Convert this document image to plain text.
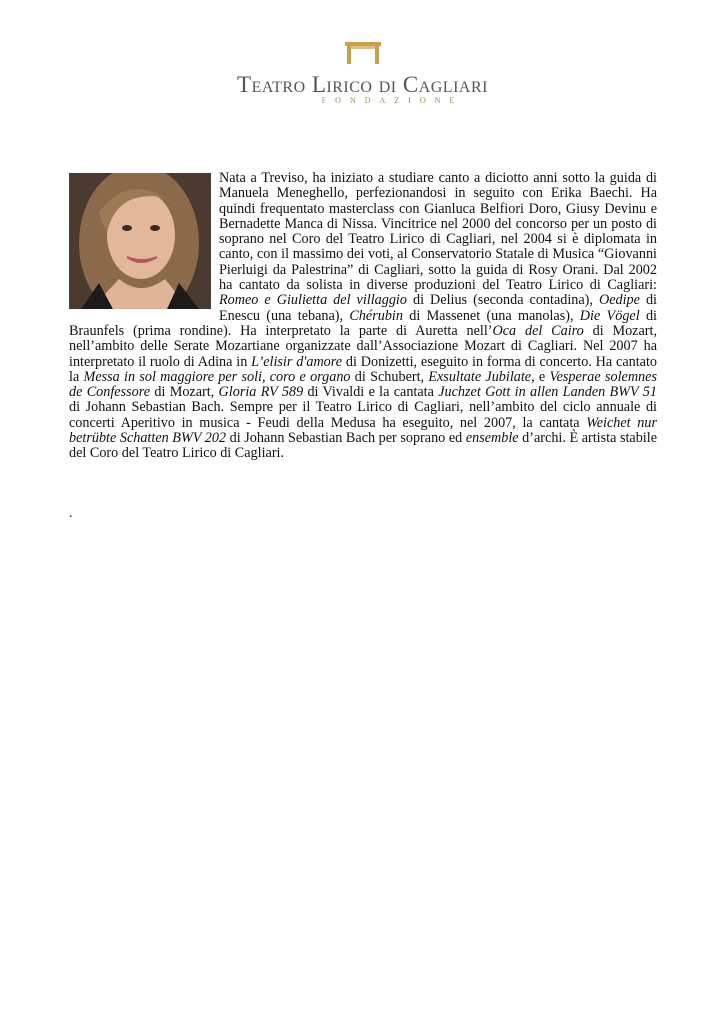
Teatro Lirico di Cagliari
FONDAZIONE
Nata a Treviso, ha iniziato a studiare canto a diciotto anni sotto la guida di Manuela Meneghello, perfezionandosi in seguito con Erika Baechi. Ha quindi frequentato masterclass con Gianluca Belfiori Doro, Giusy Devinu e Bernadette Manca di Nissa. Vincitrice nel 2000 del concorso per un posto di soprano nel Coro del Teatro Lirico di Cagliari, nel 2004 si è diplomata in canto, con il massimo dei voti, al Conservatorio Statale di Musica “Giovanni Pierluigi da Palestrina” di Cagliari, sotto la guida di Rosy Orani. Dal 2002 ha cantato da solista in diverse produzioni del Teatro Lirico di Cagliari: Romeo e Giulietta del villaggio di Delius (seconda contadina), Oedipe di Enescu (una tebana), Chérubin di Massenet (una manolas), Die Vögel di Braunfels (prima rondine). Ha interpretato la parte di Auretta nell’Oca del Cairo di Mozart, nell’ambito delle Serate Mozartiane organizzate dall’Associazione Mozart di Cagliari. Nel 2007 ha interpretato il ruolo di Adina in L’elisir d'amore di Donizetti, eseguito in forma di concerto. Ha cantato la Messa in sol maggiore per soli, coro e organo di Schubert, Exsultate Jubilate, e Vesperae solemnes de Confessore di Mozart, Gloria RV 589 di Vivaldi e la cantata Juchzet Gott in allen Landen BWV 51 di Johann Sebastian Bach. Sempre per il Teatro Lirico di Cagliari, nell’ambito del ciclo annuale di concerti Aperitivo in musica - Feudi della Medusa ha eseguito, nel 2007, la cantata Weichet nur betrübte Schatten BWV 202 di Johann Sebastian Bach per soprano ed ensemble d’archi. È artista stabile del Coro del Teatro Lirico di Cagliari.
.
